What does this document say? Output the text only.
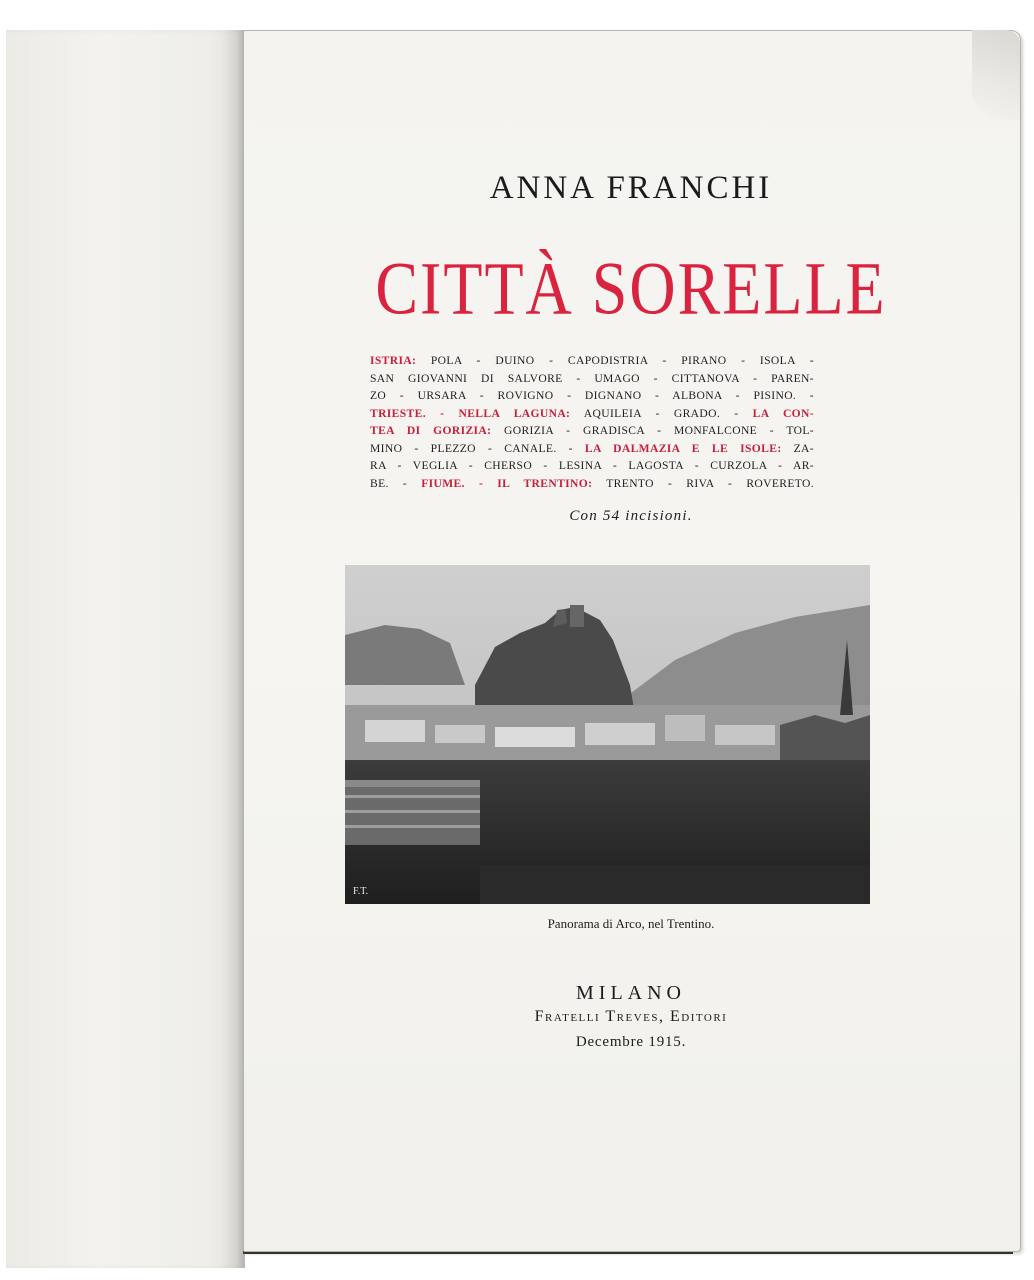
ANNA FRANCHI
CITTÀ SORELLE
ISTRIA: POLA - DUINO - CAPODISTRIA - PIRANO - ISOLA -
SAN GIOVANNI DI SALVORE - UMAGO - CITTANOVA - PAREN-
ZO - URSARA - ROVIGNO - DIGNANO - ALBONA - PISINO. -
TRIESTE. - NELLA LAGUNA: AQUILEIA - GRADO. - LA CON-
TEA DI GORIZIA: GORIZIA - GRADISCA - MONFALCONE - TOL-
MINO - PLEZZO - CANALE. - LA DALMAZIA E LE ISOLE: ZA-
RA - VEGLIA - CHERSO - LESINA - LAGOSTA - CURZOLA - AR-
BE. - FIUME. - IL TRENTINO: TRENTO - RIVA - ROVERETO.

Con 54 incisioni.

F.T.

Panorama di Arco, nel Trentino.

MILANO

Fratelli Treves, Editori

Decembre 1915.
